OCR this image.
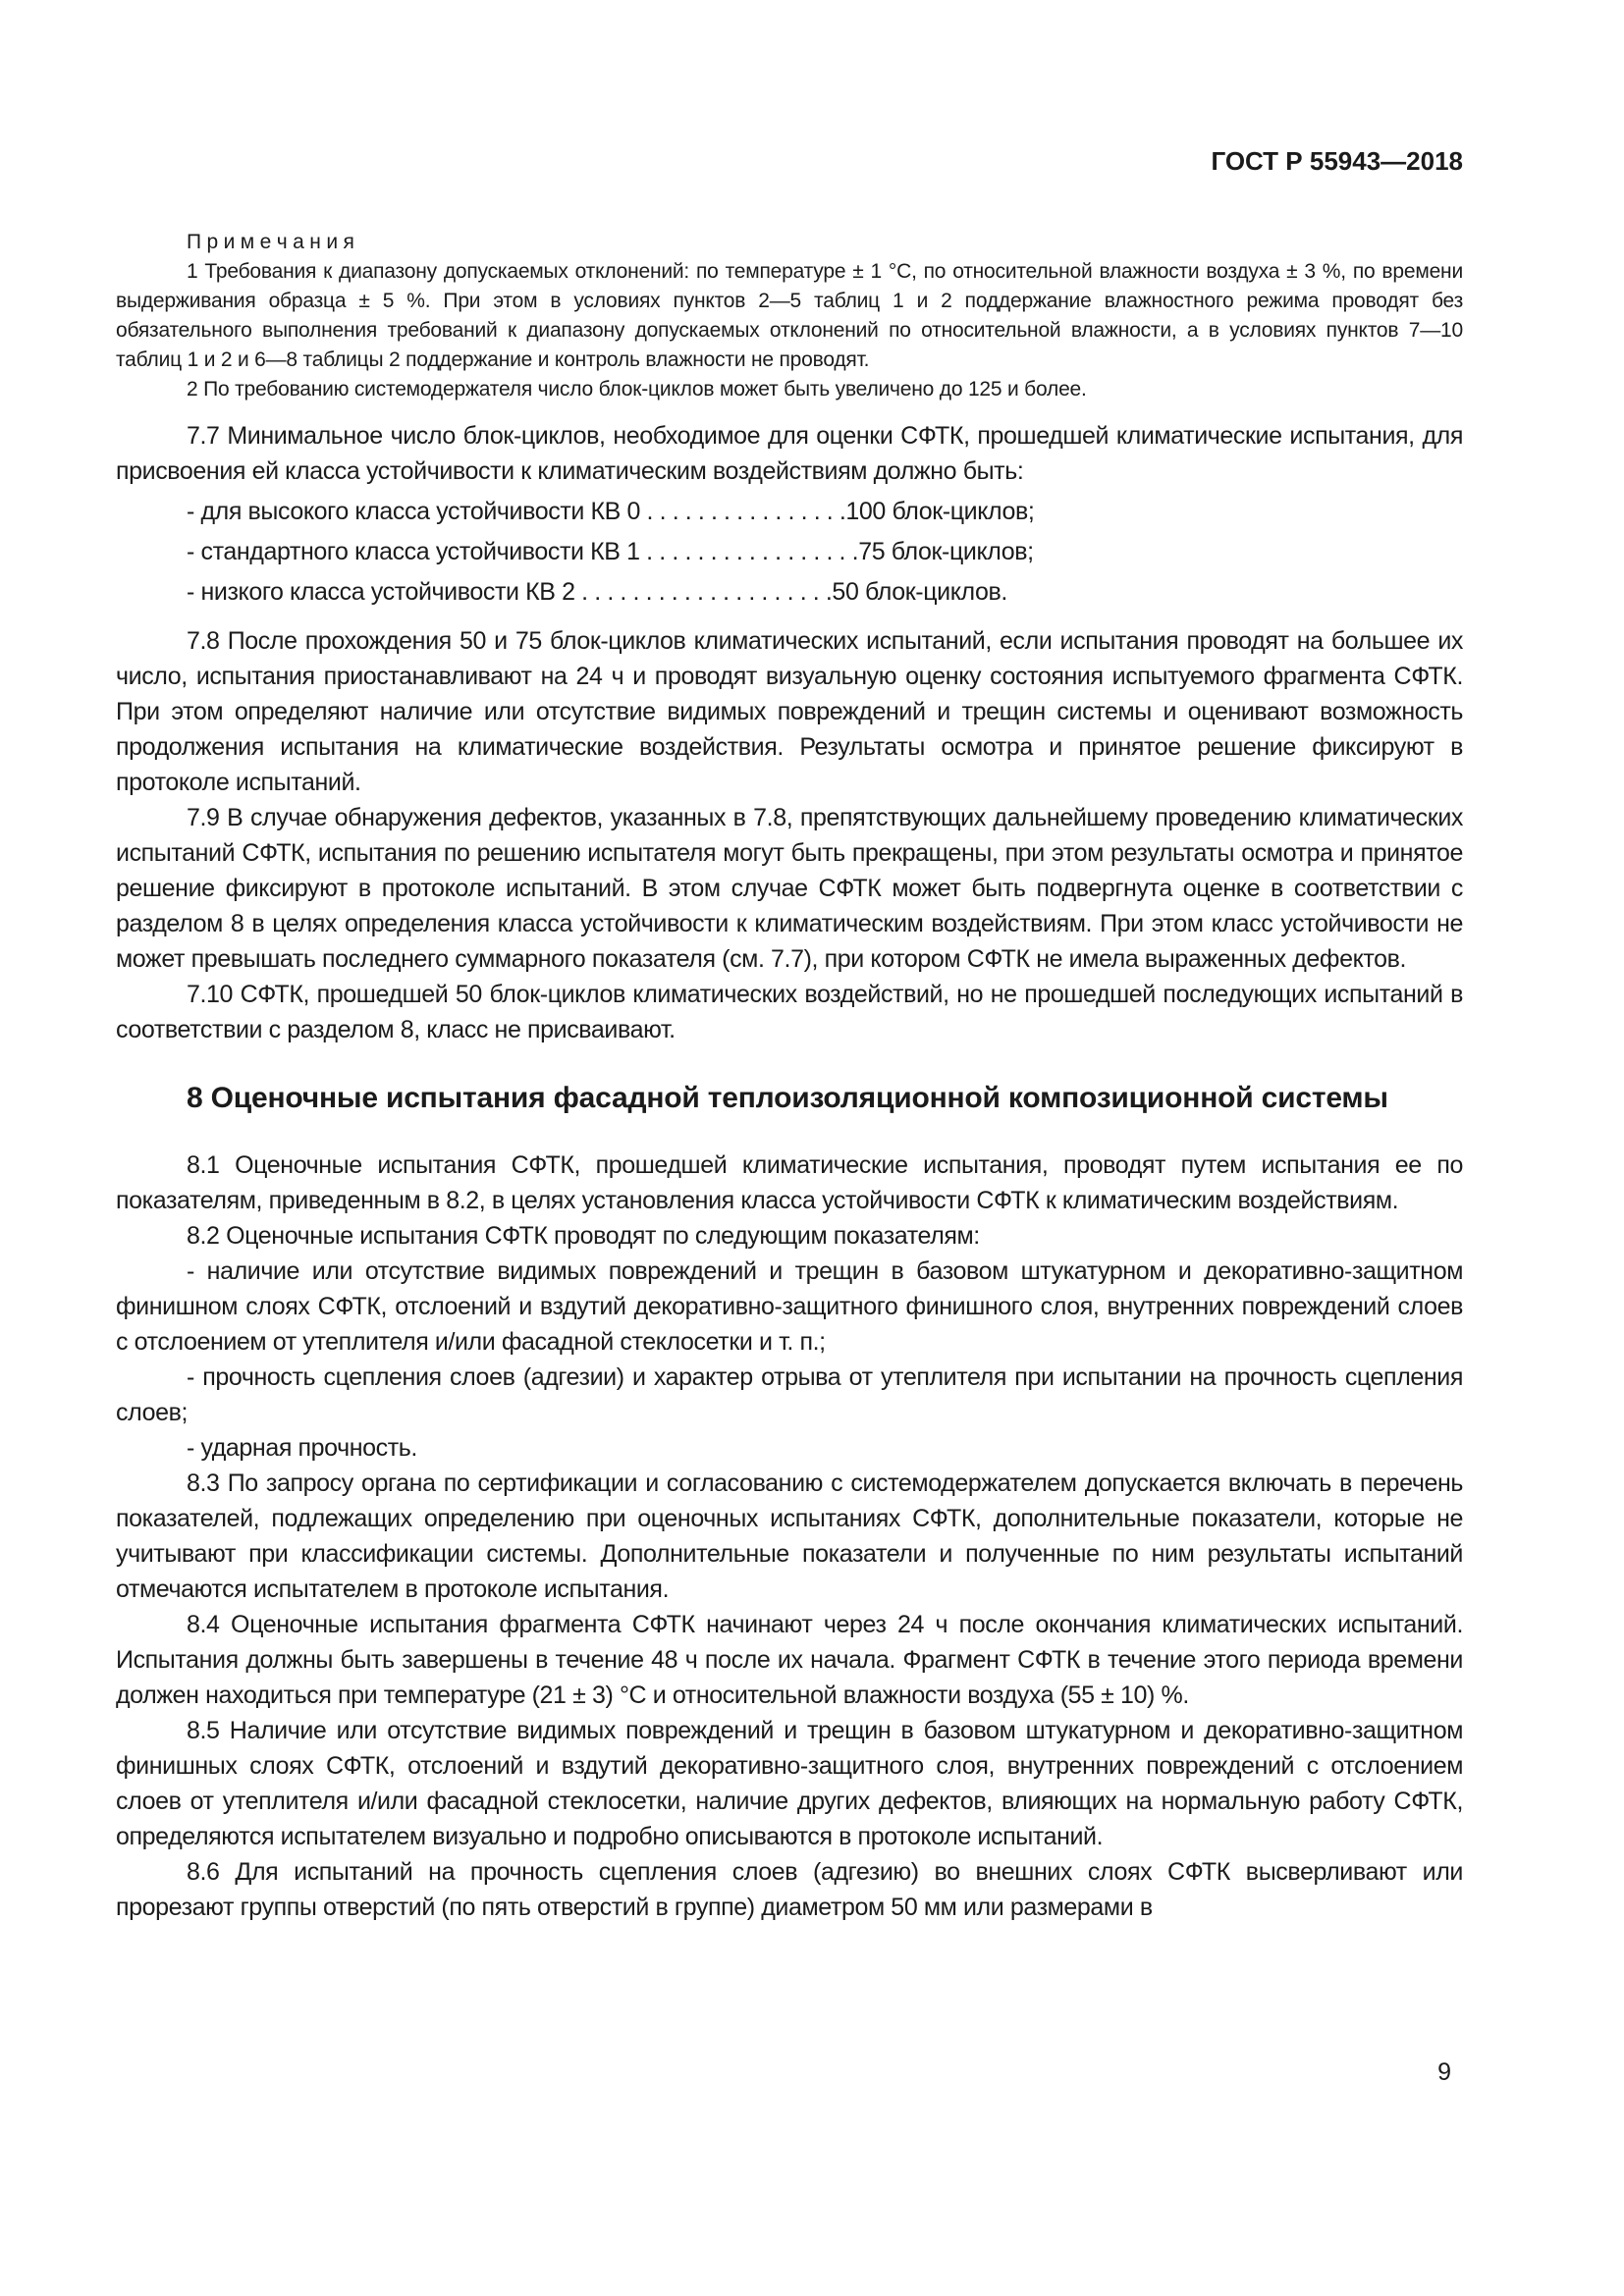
ГОСТ Р 55943—2018

П р и м е ч а н и я

1 Требования к диапазону допускаемых отклонений: по температуре ± 1 °С, по относительной влажности воздуха ± 3 %, по времени выдерживания образца ± 5 %. При этом в условиях пунктов 2—5 таблиц 1 и 2 поддержание влажностного режима проводят без обязательного выполнения требований к диапазону допускаемых отклонений по относительной влажности, а в условиях пунктов 7—10 таблиц 1 и 2 и 6—8 таблицы 2 поддержание и контроль влажности не проводят.

2 По требованию системодержателя число блок-циклов может быть увеличено до 125 и более.

7.7 Минимальное число блок-циклов, необходимое для оценки СФТК, прошедшей климатические испытания, для присвоения ей класса устойчивости к климатическим воздействиям должно быть:

- для высокого класса устойчивости КВ 0 . . . . . . . . . . . . . . . .100 блок-циклов;

- стандартного класса устойчивости КВ 1 . . . . . . . . . . . . . . . . .75 блок-циклов;

- низкого класса устойчивости КВ 2 . . . . . . . . . . . . . . . . . . . .50 блок-циклов.

7.8 После прохождения 50 и 75 блок-циклов климатических испытаний, если испытания проводят на большее их число, испытания приостанавливают на 24 ч и проводят визуальную оценку состояния испытуемого фрагмента СФТК. При этом определяют наличие или отсутствие видимых повреждений и трещин системы и оценивают возможность продолжения испытания на климатические воздействия. Результаты осмотра и принятое решение фиксируют в протоколе испытаний.

7.9 В случае обнаружения дефектов, указанных в 7.8, препятствующих дальнейшему проведению климатических испытаний СФТК, испытания по решению испытателя могут быть прекращены, при этом результаты осмотра и принятое решение фиксируют в протоколе испытаний. В этом случае СФТК может быть подвергнута оценке в соответствии с разделом 8 в целях определения класса устойчивости к климатическим воздействиям. При этом класс устойчивости не может превышать последнего суммарного показателя (см. 7.7), при котором СФТК не имела выраженных дефектов.

7.10 СФТК, прошедшей 50 блок-циклов климатических воздействий, но не прошедшей последующих испытаний в соответствии с разделом 8, класс не присваивают.

8 Оценочные испытания фасадной теплоизоляционной композиционной системы

8.1 Оценочные испытания СФТК, прошедшей климатические испытания, проводят путем испытания ее по показателям, приведенным в 8.2, в целях установления класса устойчивости СФТК к климатическим воздействиям.

8.2 Оценочные испытания СФТК проводят по следующим показателям:

- наличие или отсутствие видимых повреждений и трещин в базовом штукатурном и декоративно-защитном финишном слоях СФТК, отслоений и вздутий декоративно-защитного финишного слоя, внутренних повреждений слоев с отслоением от утеплителя и/или фасадной стеклосетки и т. п.;

- прочность сцепления слоев (адгезии) и характер отрыва от утеплителя при испытании на прочность сцепления слоев;

- ударная прочность.

8.3 По запросу органа по сертификации и согласованию с системодержателем допускается включать в перечень показателей, подлежащих определению при оценочных испытаниях СФТК, дополнительные показатели, которые не учитывают при классификации системы. Дополнительные показатели и полученные по ним результаты испытаний отмечаются испытателем в протоколе испытания.

8.4 Оценочные испытания фрагмента СФТК начинают через 24 ч после окончания климатических испытаний. Испытания должны быть завершены в течение 48 ч после их начала. Фрагмент СФТК в течение этого периода времени должен находиться при температуре (21 ± 3) °С и относительной влажности воздуха (55 ± 10) %.

8.5 Наличие или отсутствие видимых повреждений и трещин в базовом штукатурном и декоративно-защитном финишных слоях СФТК, отслоений и вздутий декоративно-защитного слоя, внутренних повреждений с отслоением слоев от утеплителя и/или фасадной стеклосетки, наличие других дефектов, влияющих на нормальную работу СФТК, определяются испытателем визуально и подробно описываются в протоколе испытаний.

8.6 Для испытаний на прочность сцепления слоев (адгезию) во внешних слоях СФТК высверливают или прорезают группы отверстий (по пять отверстий в группе) диаметром 50 мм или размерами в

9
